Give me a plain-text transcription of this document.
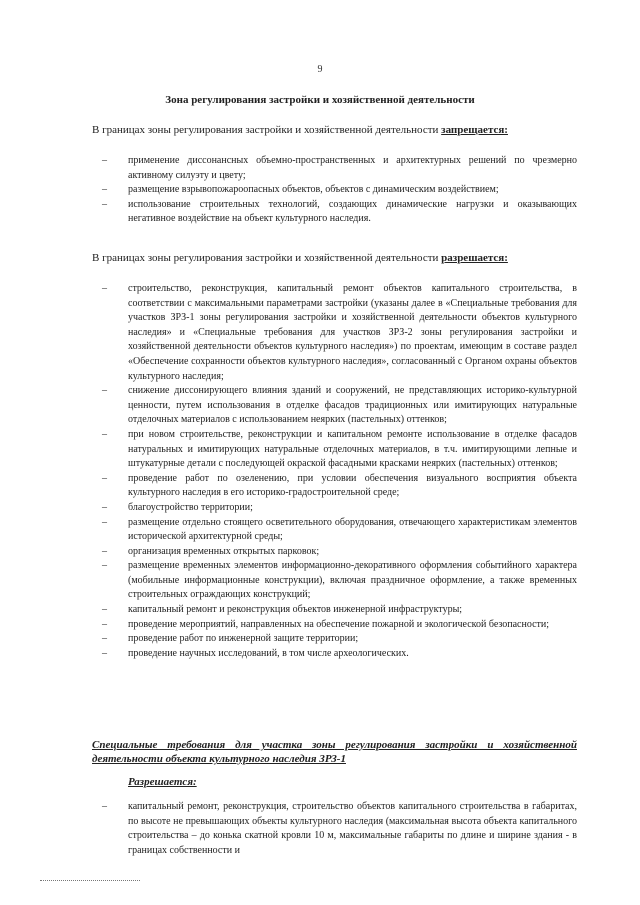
9
Зона регулирования застройки и хозяйственной деятельности
В границах зоны регулирования застройки и хозяйственной деятельности запрещается:
– применение диссонансных объемно-пространственных и архитектурных решений по чрезмерно активному силуэту и цвету;
– размещение взрывопожароопасных объектов, объектов с динамическим воздействием;
– использование строительных технологий, создающих динамические нагрузки и оказывающих негативное воздействие на объект культурного наследия.
В границах зоны регулирования застройки и хозяйственной деятельности разрешается:
– строительство, реконструкция, капитальный ремонт объектов капитального строительства, в соответствии с максимальными параметрами застройки (указаны далее в «Специальные требования для участков ЗРЗ-1 зоны регулирования застройки и хозяйственной деятельности объектов культурного наследия» и «Специальные требования для участков ЗРЗ-2 зоны регулирования застройки и хозяйственной деятельности объектов культурного наследия») по проектам, имеющим в составе раздел «Обеспечение сохранности объектов культурного наследия», согласованный с Органом охраны объектов культурного наследия;
– снижение диссонирующего влияния зданий и сооружений, не представляющих историко-культурной ценности, путем использования в отделке фасадов традиционных или имитирующих натуральные отделочных материалов с использованием неярких (пастельных) оттенков;
– при новом строительстве, реконструкции и капитальном ремонте использование в отделке фасадов натуральных и имитирующих натуральные отделочных материалов, в т.ч. имитирующими лепные и штукатурные детали с последующей окраской фасадными красками неярких (пастельных) оттенков;
– проведение работ по озеленению, при условии обеспечения визуального восприятия объекта культурного наследия в его историко-градостроительной среде;
– благоустройство территории;
– размещение отдельно стоящего осветительного оборудования, отвечающего характеристикам элементов исторической архитектурной среды;
– организация временных открытых парковок;
– размещение временных элементов информационно-декоративного оформления событийного характера (мобильные информационные конструкции), включая праздничное оформление, а также временных строительных ограждающих конструкций;
– капитальный ремонт и реконструкция объектов инженерной инфраструктуры;
– проведение мероприятий, направленных на обеспечение пожарной и экологической безопасности;
– проведение работ по инженерной защите территории;
– проведение научных исследований, в том числе археологических.
Специальные требования для участка зоны регулирования застройки и хозяйственной деятельности объекта культурного наследия ЗРЗ-1
Разрешается:
– капитальный ремонт, реконструкция, строительство объектов капитального строительства в габаритах, по высоте не превышающих объекты культурного наследия (максимальная высота объекта капитального строительства – до конька скатной кровли 10 м, максимальные габариты по длине и ширине здания - в границах собственности и
